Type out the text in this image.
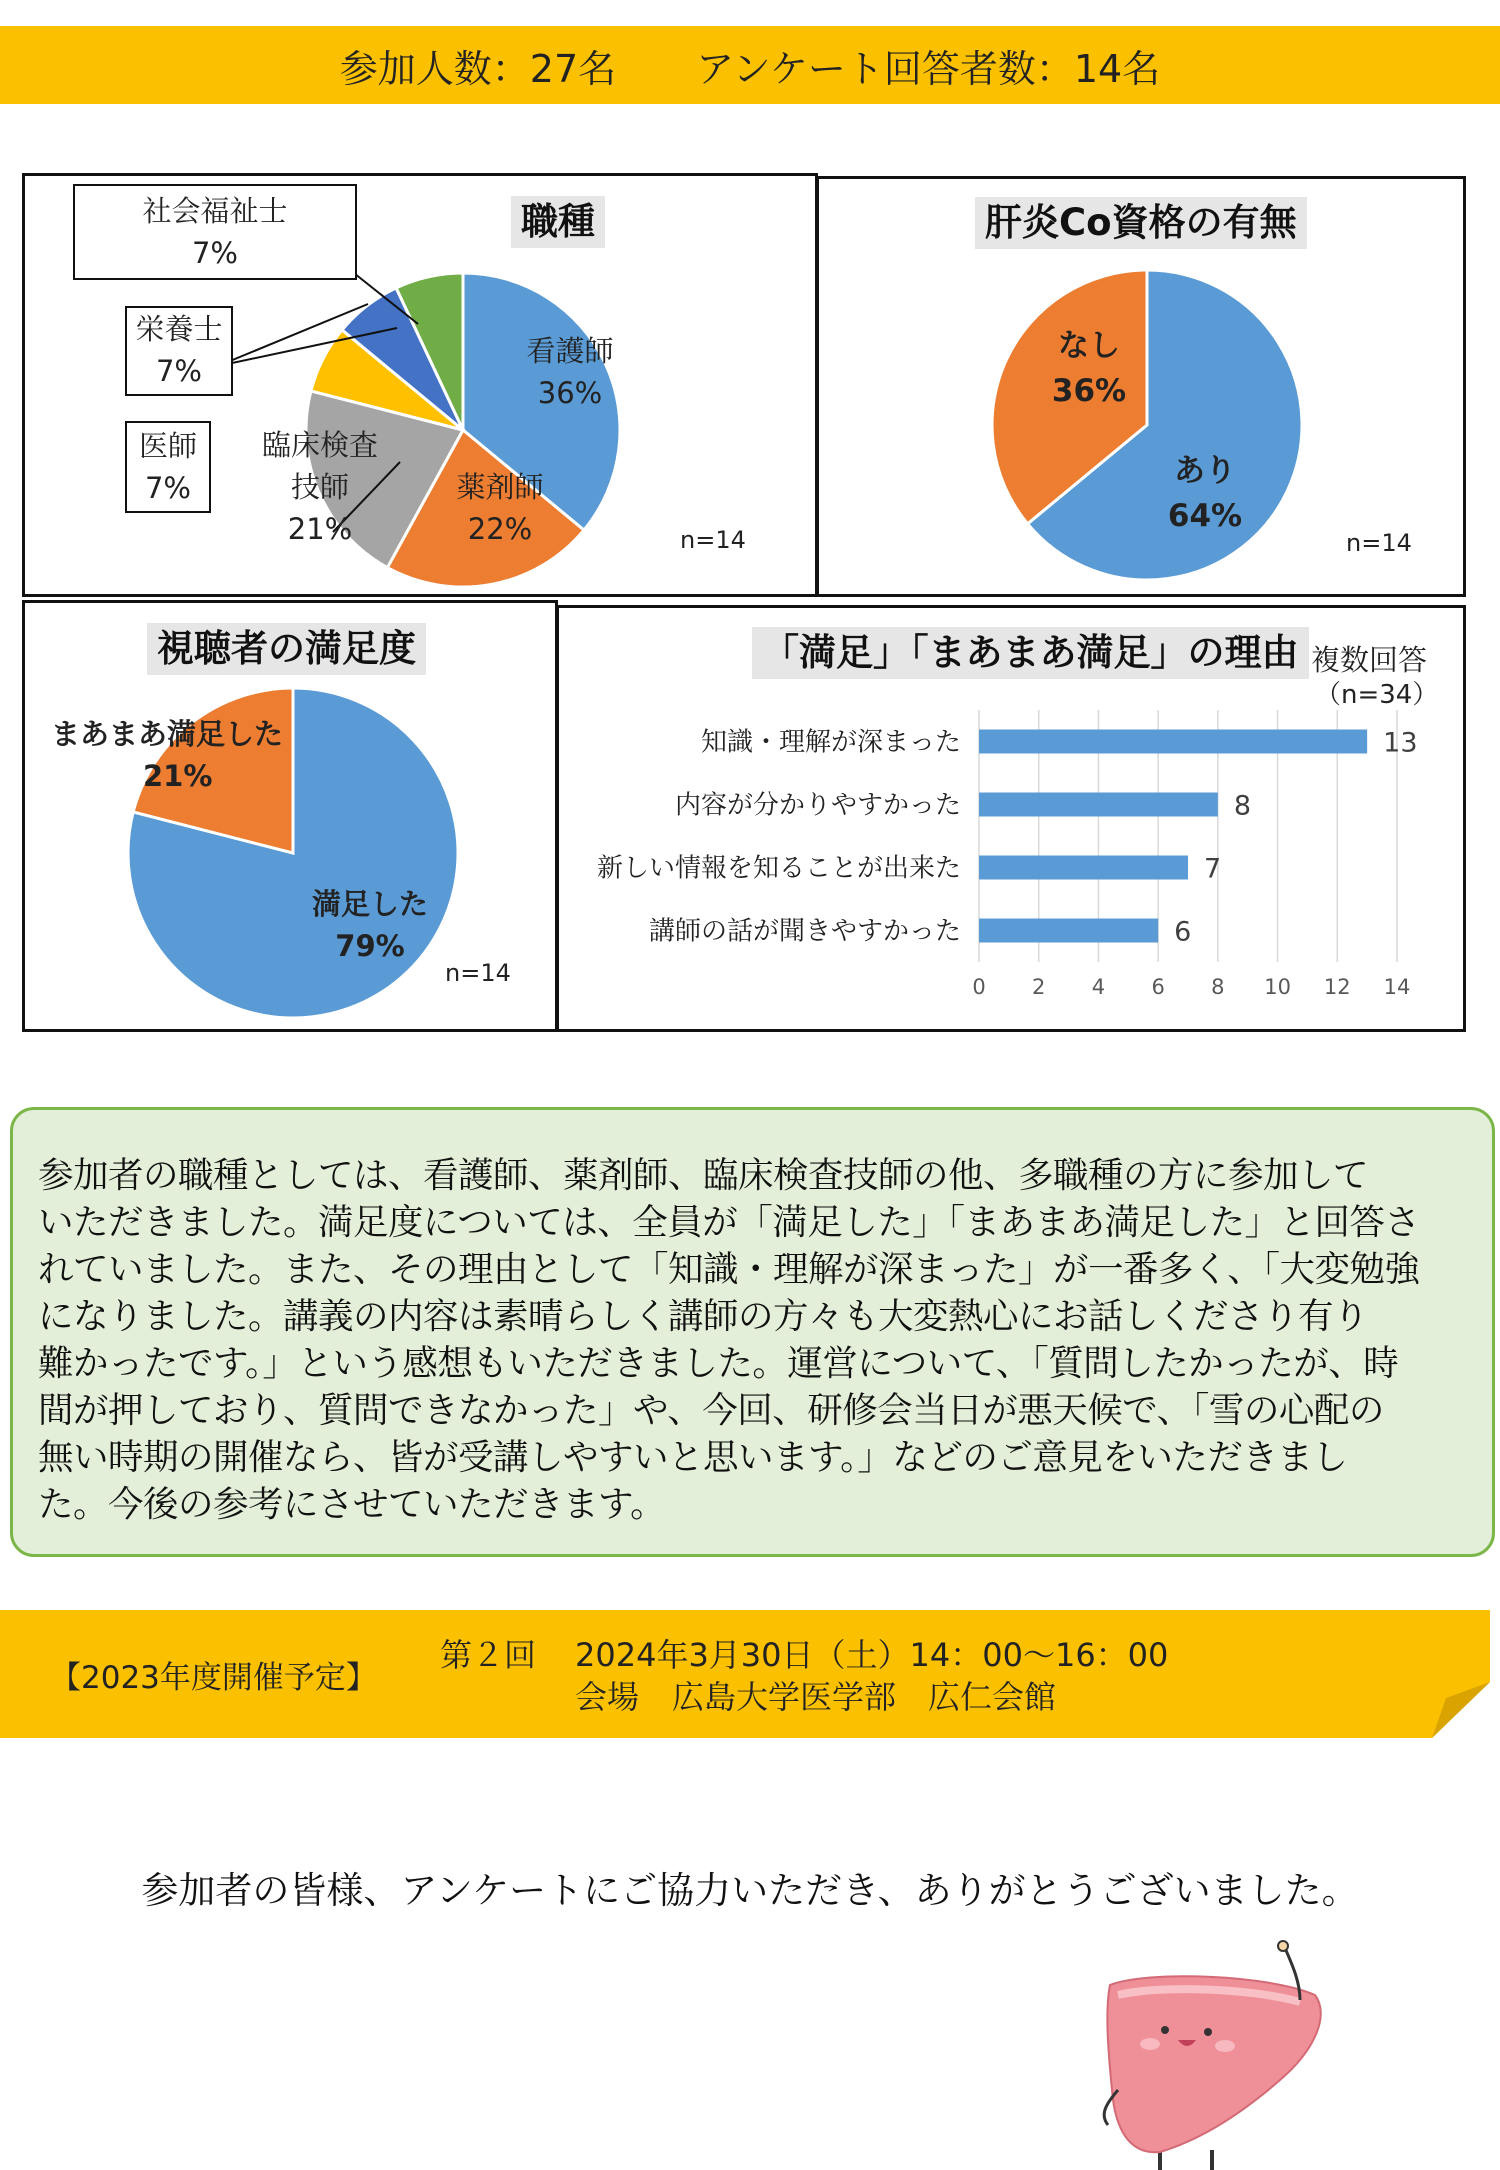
参加人数：27名 アンケート回答者数：14名
職種
看護師
36%
薬剤師
22%
臨床検査
技師
21%
医師
7%
栄養士
7%
社会福祉士
7%
n=14
肝炎Co資格の有無
あり
64%
なし
36%
n=14
視聴者の満足度
満足した
79%
まあまあ満足した
21%
n=14	0 2 4 6 8 10 12 14
知識・理解が深まった	13
内容が分かりやすかった	8
新しい情報を知ることが出来た	7
講師の話が聞きやすかった	6
「満足」「まあまあ満足」の理由 複数回答
（n=34）
参加者の職種としては、看護師、薬剤師、臨床検査技師の他、多職種の方に参加して
いただきました。満足度については、全員が「満足した」「まあまあ満足した」と回答さ
れていました。また、その理由として「知識・理解が深まった」が一番多く、「大変勉強
になりました。講義の内容は素晴らしく講師の方々も大変熱心にお話しくださり有り
難かったです。」という感想もいただきました。運営について、「質問したかったが、時
間が押しており、質問できなかった」や、今回、研修会当日が悪天候で、「雪の心配の
無い時期の開催なら、皆が受講しやすいと思います。」などのご意見をいただきまし
た。今後の参考にさせていただきます。
【2023年度開催予定】
第２回 2024年3月30日（土）14：00～16：00
会場 広島大学医学部　広仁会館
参加者の皆様、アンケートにご協力いただき、ありがとうございました。
